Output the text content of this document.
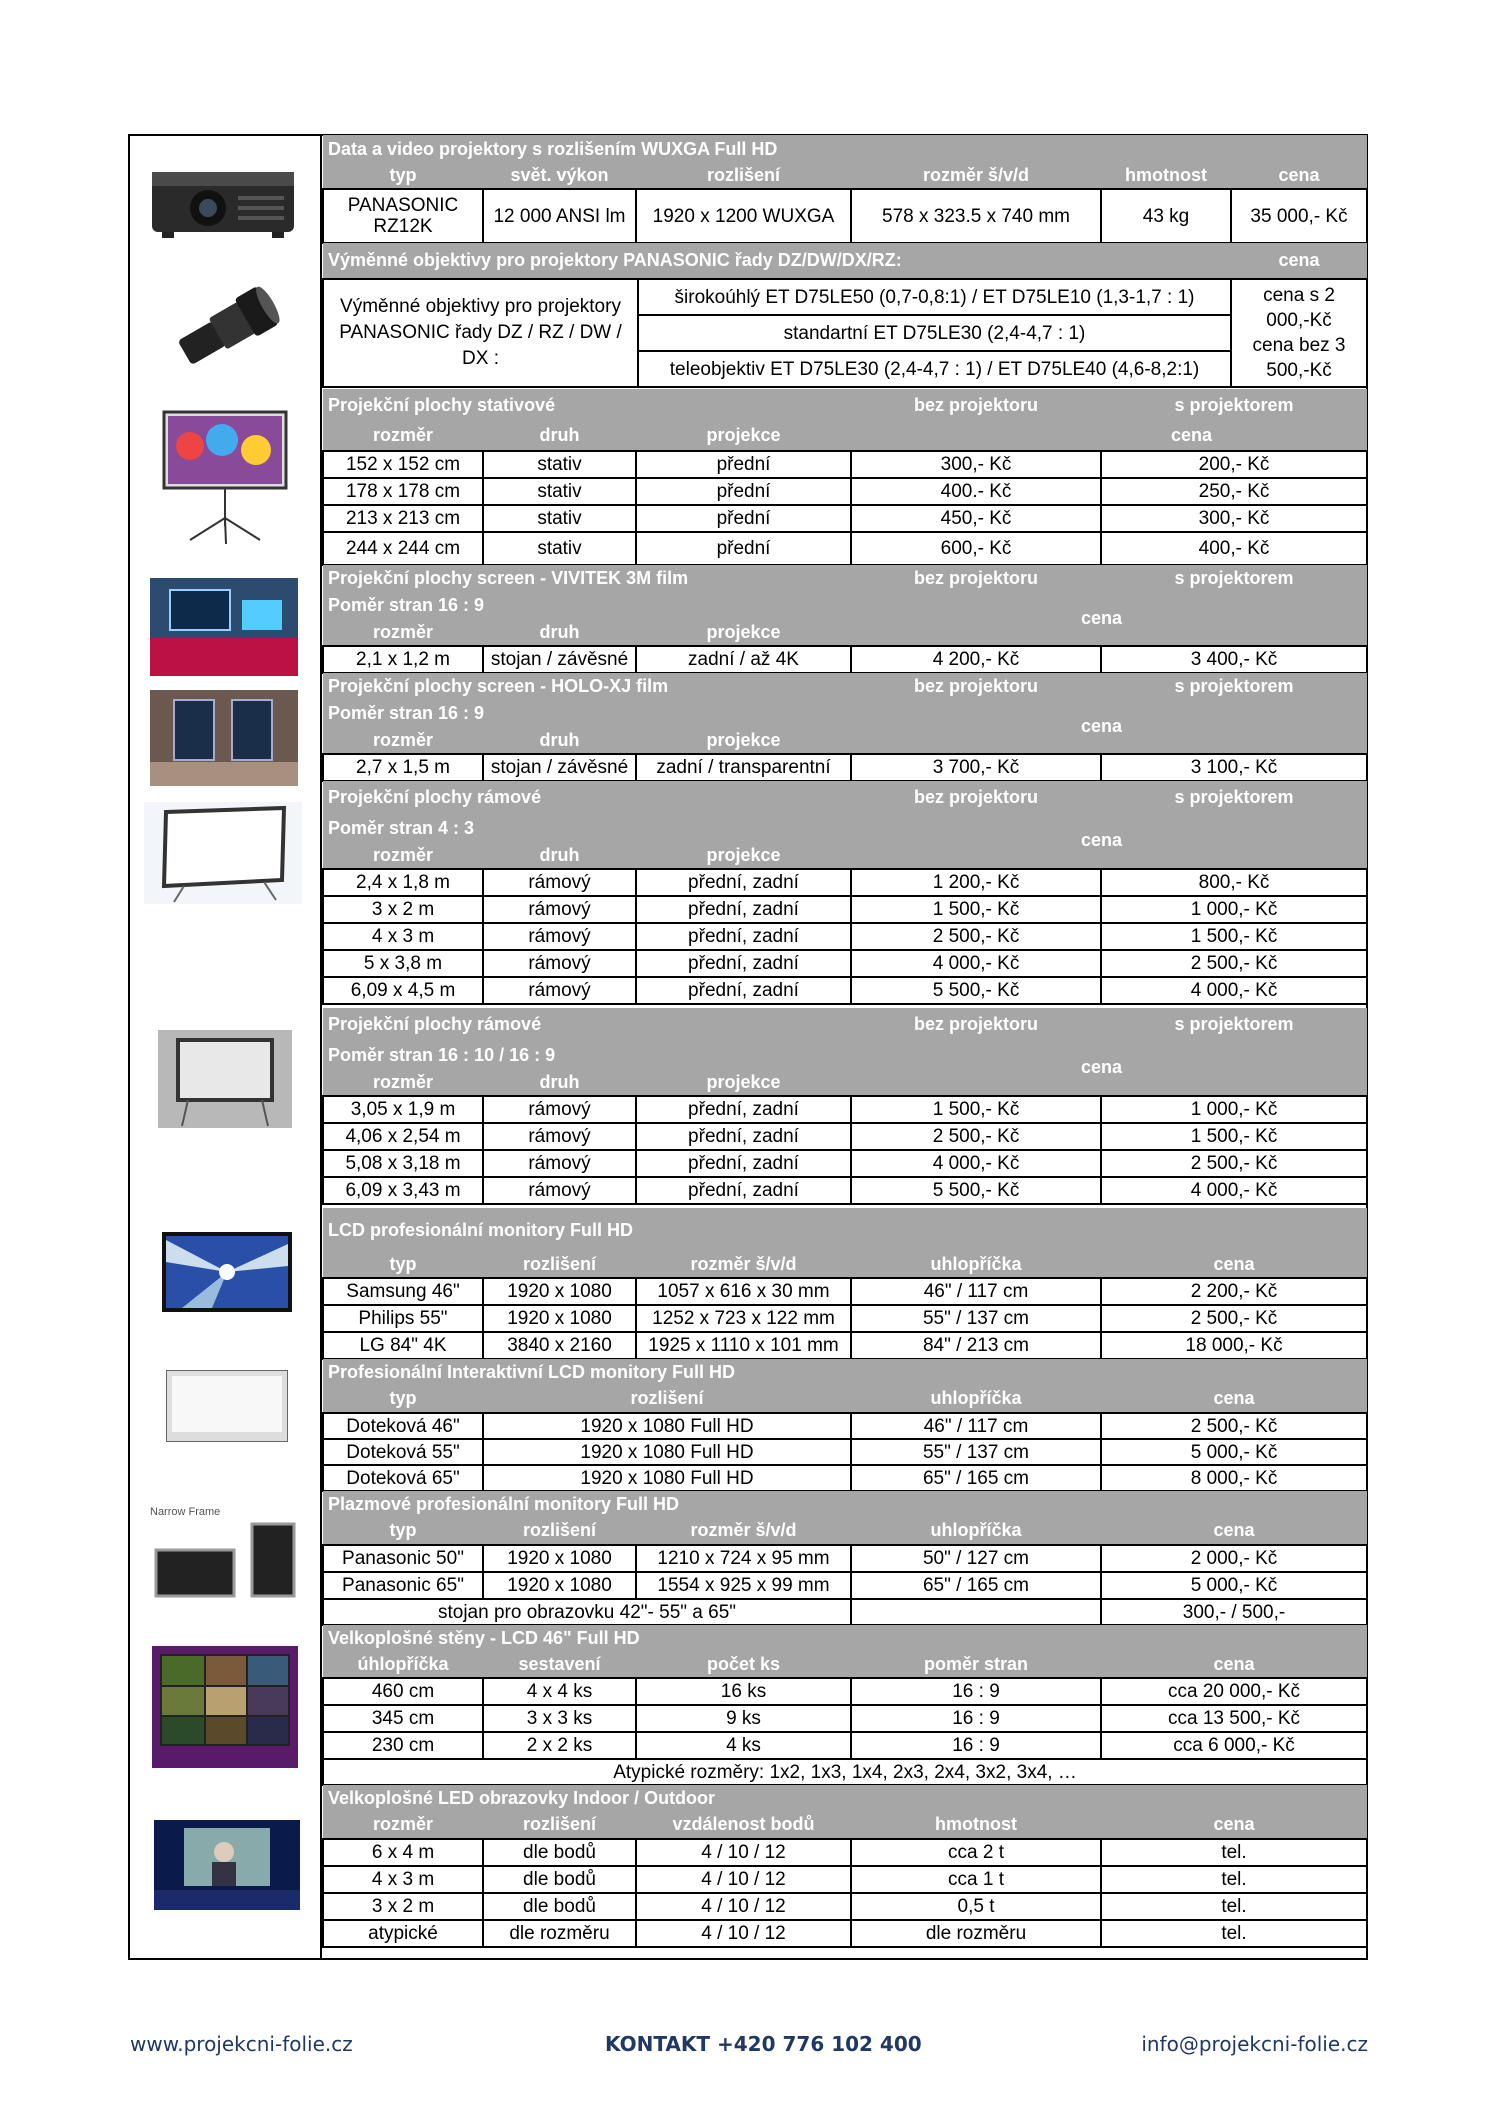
Narrow Frame
Data a video projektory s rozlišením WUXGA Full HD					
typ	svět. výkon	rozlišení	rozměr š/v/d	hmotnost	cena
PANASONIC RZ12K	12 000 ANSI lm	1920 x 1200 WUXGA	578 x 323.5 x 740 mm	43 kg	35 000,- Kč
Výměnné objektivy pro projektory PANASONIC řady DZ/DW/DX/RZ:		cena
Výměnné objektivy pro projektory PANASONIC řady DZ / RZ / DW / DX :	širokoúhlý ET D75LE50 (0,7-0,8:1) / ET D75LE10 (1,3-1,7 : 1)	cena s 2 000,-Kč cena bez 3 500,-Kč
	standartní ET D75LE30 (2,4-4,7 : 1)	
	teleobjektiv ET D75LE30 (2,4-4,7 : 1) / ET D75LE40 (4,6-8,2:1)	
Projekční plochy stativové			bez projektoru	s projektorem
rozměr	druh	projekce	cena	
152 x 152 cm	stativ	přední	300,- Kč	200,- Kč
178 x 178 cm	stativ	přední	400.- Kč	250,- Kč
213 x 213 cm	stativ	přední	450,- Kč	300,- Kč
244 x 244 cm	stativ	přední	600,- Kč	400,- Kč
Projekční plochy screen - VIVITEK 3M film			bez projektoru	s projektorem
Poměr stran 16 : 9			cena	
rozměr	druh	projekce		
2,1 x 1,2 m	stojan / závěsné	zadní / až 4K	4 200,- Kč	3 400,- Kč
Projekční plochy screen - HOLO-XJ film			bez projektoru	s projektorem
Poměr stran 16 : 9			cena	
rozměr	druh	projekce		
2,7 x 1,5 m	stojan / závěsné	zadní / transparentní	3 700,- Kč	3 100,- Kč
Projekční plochy rámové			bez projektoru	s projektorem
Poměr stran 4 : 3			cena	
rozměr	druh	projekce		
2,4 x 1,8 m	rámový	přední, zadní	1 200,- Kč	800,- Kč
3 x 2 m	rámový	přední, zadní	1 500,- Kč	1 000,- Kč
4 x 3 m	rámový	přední, zadní	2 500,- Kč	1 500,- Kč
5 x 3,8 m	rámový	přední, zadní	4 000,- Kč	2 500,- Kč
6,09 x 4,5 m	rámový	přední, zadní	5 500,- Kč	4 000,- Kč
Projekční plochy rámové			bez projektoru	s projektorem
Poměr stran 16 : 10 / 16 : 9			cena	
rozměr	druh	projekce		
3,05 x 1,9 m	rámový	přední, zadní	1 500,- Kč	1 000,- Kč
4,06 x 2,54 m	rámový	přední, zadní	2 500,- Kč	1 500,- Kč
5,08 x 3,18 m	rámový	přední, zadní	4 000,- Kč	2 500,- Kč
6,09 x 3,43 m	rámový	přední, zadní	5 500,- Kč	4 000,- Kč
LCD profesionální monitory Full HD				
typ	rozlišení	rozměr š/v/d	uhlopříčka	cena
Samsung 46"	1920 x 1080	1057 x 616 x 30 mm	46" / 117 cm	2 200,- Kč
Philips 55"	1920 x 1080	1252 x 723 x 122 mm	55" / 137 cm	2 500,- Kč
LG 84" 4K	3840 x 2160	1925 x 1110 x 101 mm	84" / 213 cm	18 000,- Kč
Profesionální Interaktivní LCD monitory Full HD			
typ	rozlišení	uhlopříčka	cena
Doteková 46"	1920 x 1080 Full HD	46" / 117 cm	2 500,- Kč
Doteková 55"	1920 x 1080 Full HD	55" / 137 cm	5 000,- Kč
Doteková 65"	1920 x 1080 Full HD	65" / 165 cm	8 000,- Kč
Plazmové profesionální monitory Full HD				
typ	rozlišení	rozměr š/v/d	uhlopříčka	cena
Panasonic 50"	1920 x 1080	1210 x 724 x 95 mm	50" / 127 cm	2 000,- Kč
Panasonic 65"	1920 x 1080	1554 x 925 x 99 mm	65" / 165 cm	5 000,- Kč
stojan pro obrazovku 42"- 55" a 65"				300,- / 500,-
Velkoplošné stěny - LCD 46" Full HD				
úhlopříčka	sestavení	počet ks	poměr stran	cena
460 cm	4 x 4 ks	16 ks	16 : 9	cca 20 000,- Kč
345 cm	3 x 3 ks	9 ks	16 : 9	cca 13 500,- Kč
230 cm	2 x 2 ks	4 ks	16 : 9	cca 6 000,- Kč
Atypické rozměry: 1x2, 1x3, 1x4, 2x3, 2x4, 3x2, 3x4, …				
Velkoplošné LED obrazovky Indoor / Outdoor				
rozměr	rozlišení	vzdálenost bodů	hmotnost	cena
6 x 4 m	dle bodů	4 / 10 / 12	cca 2 t	tel.
4 x 3 m	dle bodů	4 / 10 / 12	cca 1 t	tel.
3 x 2 m	dle bodů	4 / 10 / 12	0,5 t	tel.
atypické	dle rozměru	4 / 10 / 12	dle rozměru	tel.
www.projekcni-folie.cz	KONTAKT +420 776 102 400	info@projekcni-folie.cz
